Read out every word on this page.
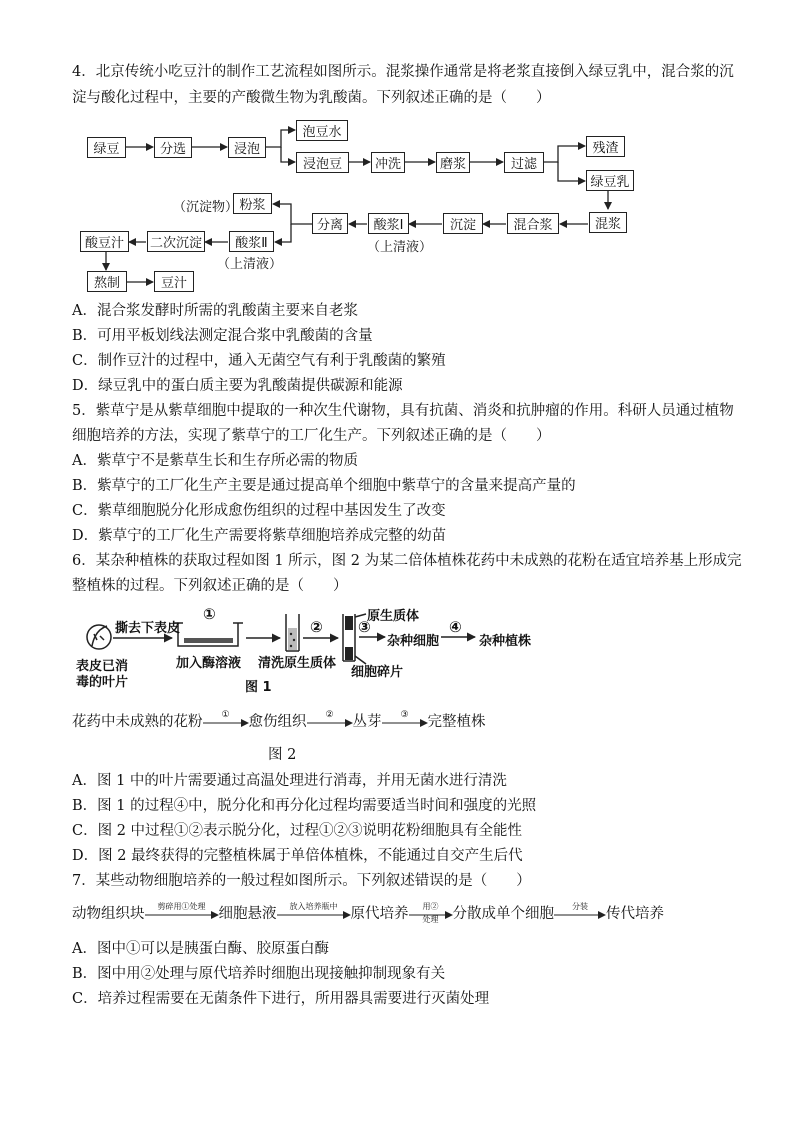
4．北京传统小吃豆汁的制作工艺流程如图所示。混浆操作通常是将老浆直接倒入绿豆乳中，混合浆的沉
淀与酸化过程中，主要的产酸微生物为乳酸菌。下列叙述正确的是（　　）
绿豆	分选	浸泡
泡豆水
浸泡豆	冲洗	磨浆	过滤
残渣
绿豆乳
混浆
混合浆
沉淀
酸浆Ⅰ
（上清液）
分离
粉浆
（沉淀物）
酸浆Ⅱ
（上清液）
二次沉淀
酸豆汁
熬制	豆汁
A．混合浆发酵时所需的乳酸菌主要来自老浆
B．可用平板划线法测定混合浆中乳酸菌的含量
C．制作豆汁的过程中，通入无菌空气有利于乳酸菌的繁殖
D．绿豆乳中的蛋白质主要为乳酸菌提供碳源和能源
5．紫草宁是从紫草细胞中提取的一种次生代谢物，具有抗菌、消炎和抗肿瘤的作用。科研人员通过植物
细胞培养的方法，实现了紫草宁的工厂化生产。下列叙述正确的是（　　）
A．紫草宁不是紫草生长和生存所必需的物质
B．紫草宁的工厂化生产主要是通过提高单个细胞中紫草宁的含量来提高产量的
C．紫草细胞脱分化形成愈伤组织的过程中基因发生了改变
D．紫草宁的工厂化生产需要将紫草细胞培养成完整的幼苗
6．某杂种植株的获取过程如图 1 所示，图 2 为某二倍体植株花药中未成熟的花粉在适宜培养基上形成完
整植株的过程。下列叙述正确的是（　　）
撕去下表皮
①
加入酶溶液
表皮已消
毒的叶片
清洗原生质体
② ③
原生质体
杂种细胞
④
杂种植株
细胞碎片
图 1
花药中未成熟的花粉	①	愈伤组织	②	丛芽	③	完整植株
图 2
A．图 1 中的叶片需要通过高温处理进行消毒，并用无菌水进行清洗
B．图 1 的过程④中，脱分化和再分化过程均需要适当时间和强度的光照
C．图 2 中过程①②表示脱分化，过程①②③说明花粉细胞具有全能性
D．图 2 最终获得的完整植株属于单倍体植株，不能通过自交产生后代
7．某些动物细胞培养的一般过程如图所示。下列叙述错误的是（　　）
动物组织块	剪碎用①处理 细胞悬液	放入培养瓶中 原代培养	用②
处理 分散成单个细胞	分装	传代培养
A．图中①可以是胰蛋白酶、胶原蛋白酶
B．图中用②处理与原代培养时细胞出现接触抑制现象有关
C．培养过程需要在无菌条件下进行，所用器具需要进行灭菌处理
